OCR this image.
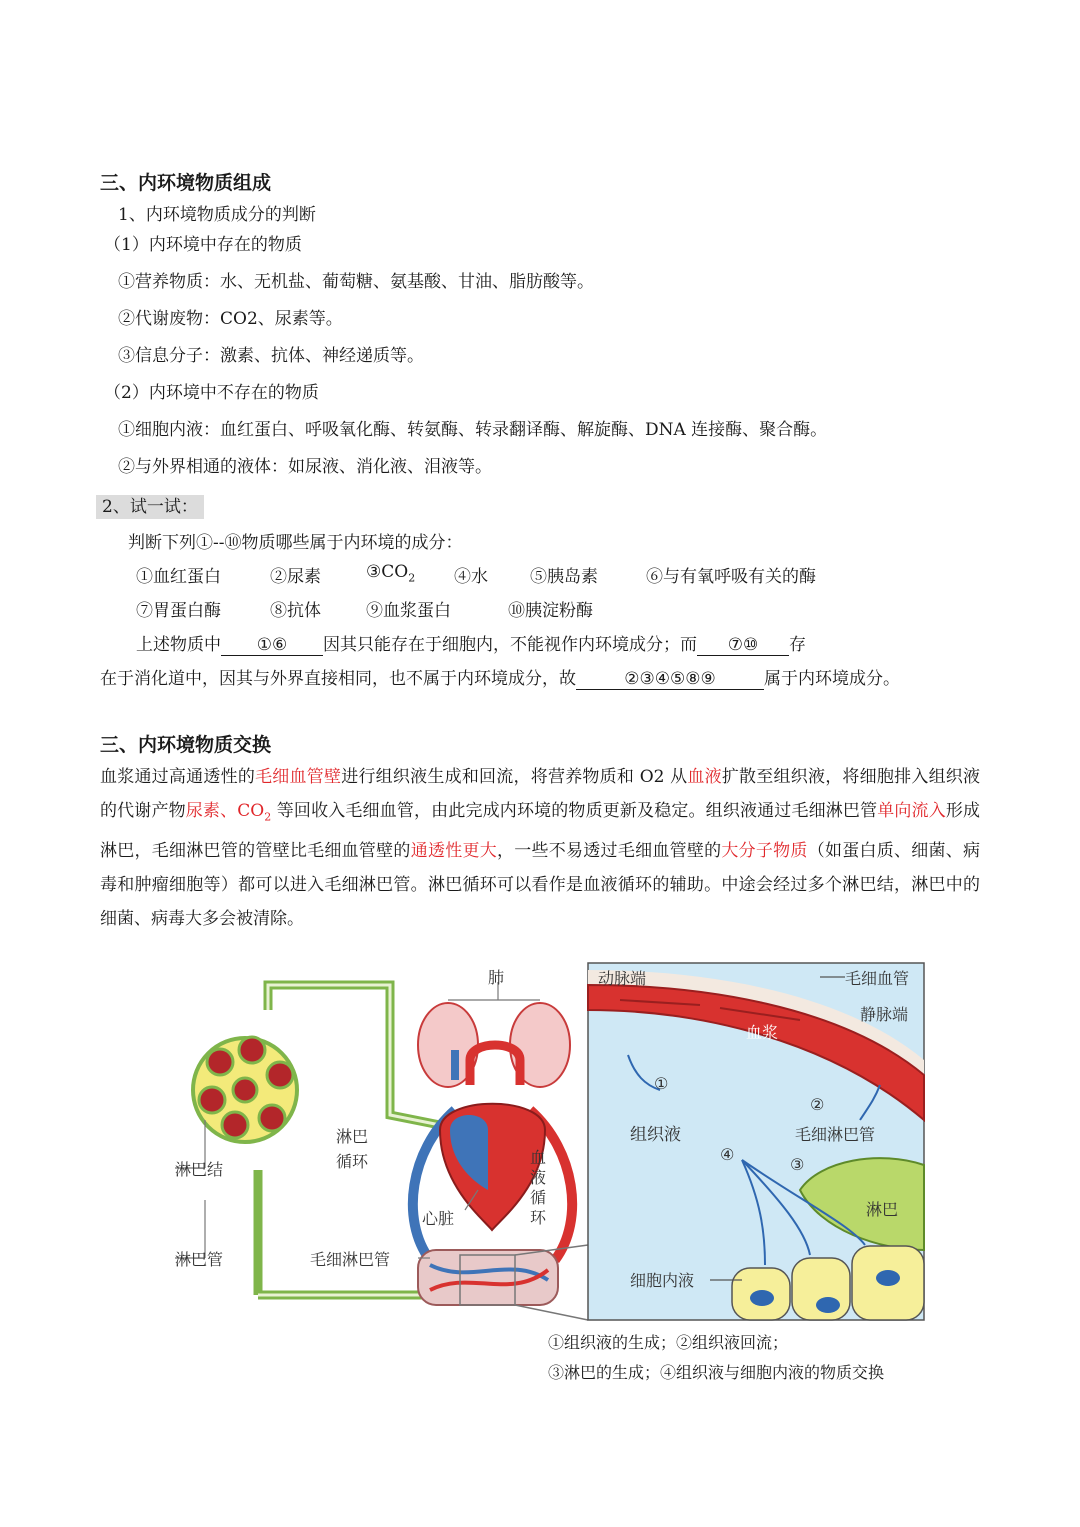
三、内环境物质组成
1、内环境物质成分的判断
（1）内环境中存在的物质
①营养物质：水、无机盐、葡萄糖、氨基酸、甘油、脂肪酸等。
②代谢废物：CO2、尿素等。
③信息分子：激素、抗体、神经递质等。
（2）内环境中不存在的物质
①细胞内液：血红蛋白、呼吸氧化酶、转氨酶、转录翻译酶、解旋酶、DNA 连接酶、聚合酶。
②与外界相通的液体：如尿液、消化液、泪液等。
2、试一试：
判断下列①--⑩物质哪些属于内环境的成分：
①血红蛋白	②尿素	$③CO_2$ ④水 ⑤胰岛素	⑥与有氧呼吸有关的酶
⑦胃蛋白酶	⑧抗体	⑨血浆蛋白	⑩胰淀粉酶
上述物质中 ①⑥ 因其只能存在于细胞内，不能视作内环境成分；而 ⑦⑩ 存
在于消化道中，因其与外界直接相同，也不属于内环境成分，故	②③④⑤⑧⑨	属于内环境成分。
三、内环境物质交换
血浆通过高通透性的毛细血管壁进行组织液生成和回流，将营养物质和 O2 从血液扩散至组织液，将细胞排入组织液的代谢产物尿素、$CO_2$ 等回收入毛细血管，由此完成内环境的物质更新及稳定。组织液通过毛细淋巴管单向流入形成淋巴，毛细淋巴管的管壁比毛细血管壁的通透性更大，一些不易透过毛细血管壁的大分子物质（如蛋白质、细菌、病毒和肿瘤细胞等）都可以进入毛细淋巴管。淋巴循环可以看作是血液循环的辅助。中途会经过多个淋巴结，淋巴中的细菌、病毒大多会被清除。
肺
淋巴结
淋巴
循环
心脏
血
液
循
环
淋巴管	毛细淋巴管
动脉端	毛细血管
静脉端
血浆
组织液	毛细淋巴管
淋巴
细胞内液
①
②
③
④
①组织液的生成；②组织液回流；
③淋巴的生成；④组织液与细胞内液的物质交换
